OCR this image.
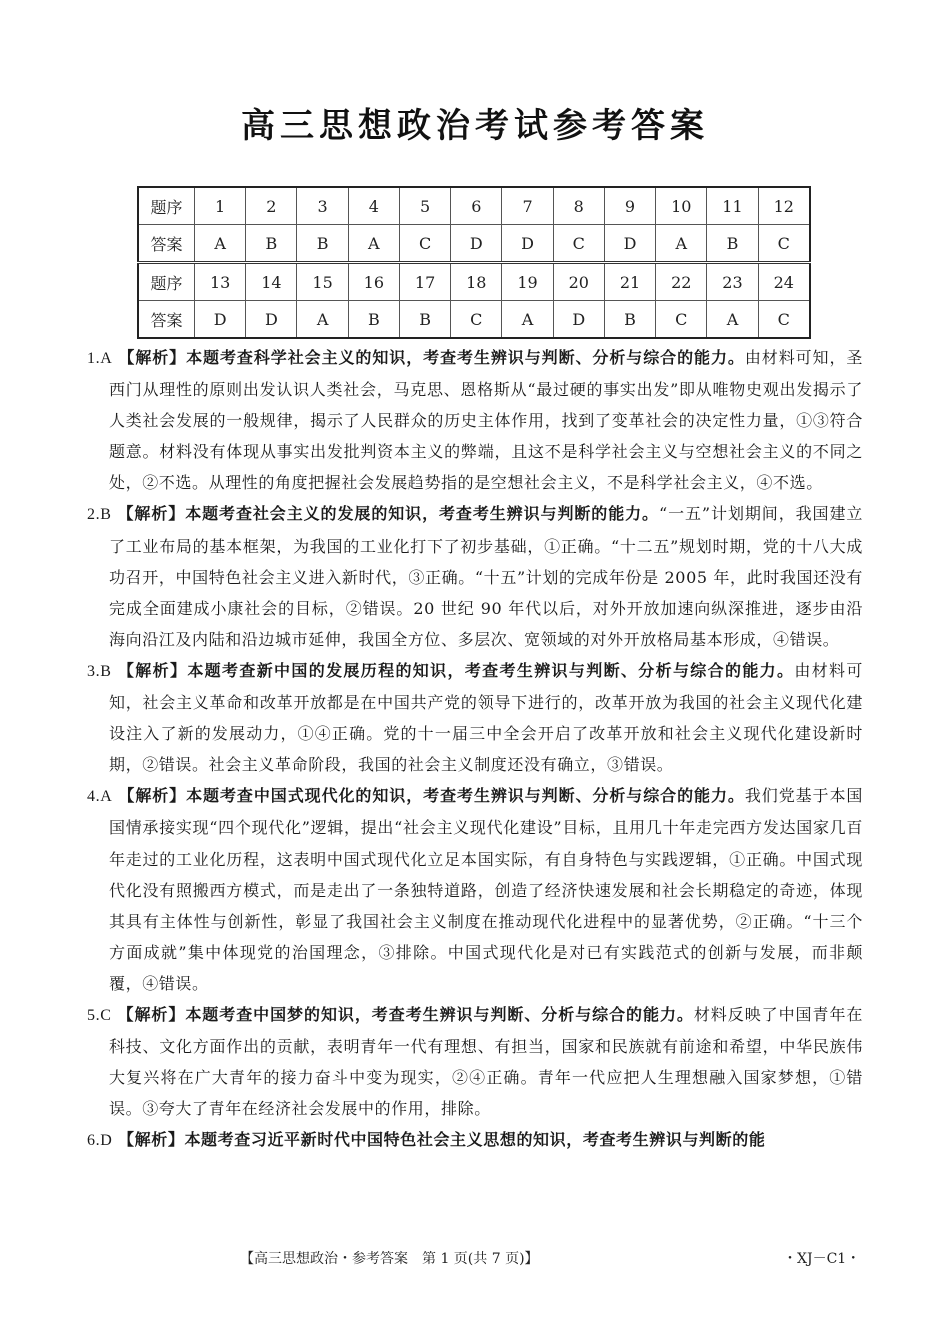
高三思想政治考试参考答案
题序	1	2	3	4	5	6	7	8	9	10	11	12
答案	A	B	B	A	C	D	D	C	D	A	B	C
题序	13	14	15	16	17	18	19	20	21	22	23	24
答案	D	D	A	B	B	C	A	D	B	C	A	C
1.A 【解析】本题考查科学社会主义的知识，考查考生辨识与判断、分析与综合的能力。由材料可知，圣西门从理性的原则出发认识人类社会，马克思、恩格斯从“最过硬的事实出发”即从唯物史观出发揭示了人类社会发展的一般规律，揭示了人民群众的历史主体作用，找到了变革社会的决定性力量，①③符合题意。材料没有体现从事实出发批判资本主义的弊端，且这不是科学社会主义与空想社会主义的不同之处，②不选。从理性的角度把握社会发展趋势指的是空想社会主义，不是科学社会主义，④不选。
2.B 【解析】本题考查社会主义的发展的知识，考查考生辨识与判断的能力。“一五”计划期间，我国建立了工业布局的基本框架，为我国的工业化打下了初步基础，①正确。“十二五”规划时期，党的十八大成功召开，中国特色社会主义进入新时代，③正确。“十五”计划的完成年份是 2005 年，此时我国还没有完成全面建成小康社会的目标，②错误。20 世纪 90 年代以后，对外开放加速向纵深推进，逐步由沿海向沿江及内陆和沿边城市延伸，我国全方位、多层次、宽领域的对外开放格局基本形成，④错误。
3.B 【解析】本题考查新中国的发展历程的知识，考查考生辨识与判断、分析与综合的能力。由材料可知，社会主义革命和改革开放都是在中国共产党的领导下进行的，改革开放为我国的社会主义现代化建设注入了新的发展动力，①④正确。党的十一届三中全会开启了改革开放和社会主义现代化建设新时期，②错误。社会主义革命阶段，我国的社会主义制度还没有确立，③错误。
4.A 【解析】本题考查中国式现代化的知识，考查考生辨识与判断、分析与综合的能力。我们党基于本国国情承接实现“四个现代化”逻辑，提出“社会主义现代化建设”目标，且用几十年走完西方发达国家几百年走过的工业化历程，这表明中国式现代化立足本国实际，有自身特色与实践逻辑，①正确。中国式现代化没有照搬西方模式，而是走出了一条独特道路，创造了经济快速发展和社会长期稳定的奇迹，体现其具有主体性与创新性，彰显了我国社会主义制度在推动现代化进程中的显著优势，②正确。“十三个方面成就”集中体现党的治国理念，③排除。中国式现代化是对已有实践范式的创新与发展，而非颠覆，④错误。
5.C 【解析】本题考查中国梦的知识，考查考生辨识与判断、分析与综合的能力。材料反映了中国青年在科技、文化方面作出的贡献，表明青年一代有理想、有担当，国家和民族就有前途和希望，中华民族伟大复兴将在广大青年的接力奋斗中变为现实，②④正确。青年一代应把人生理想融入国家梦想，①错误。③夸大了青年在经济社会发展中的作用，排除。
6.D 【解析】本题考查习近平新时代中国特色社会主义思想的知识，考查考生辨识与判断的能
【高三思想政治・参考答案　第 1 页(共 7 页)】	・XJ－C1・
